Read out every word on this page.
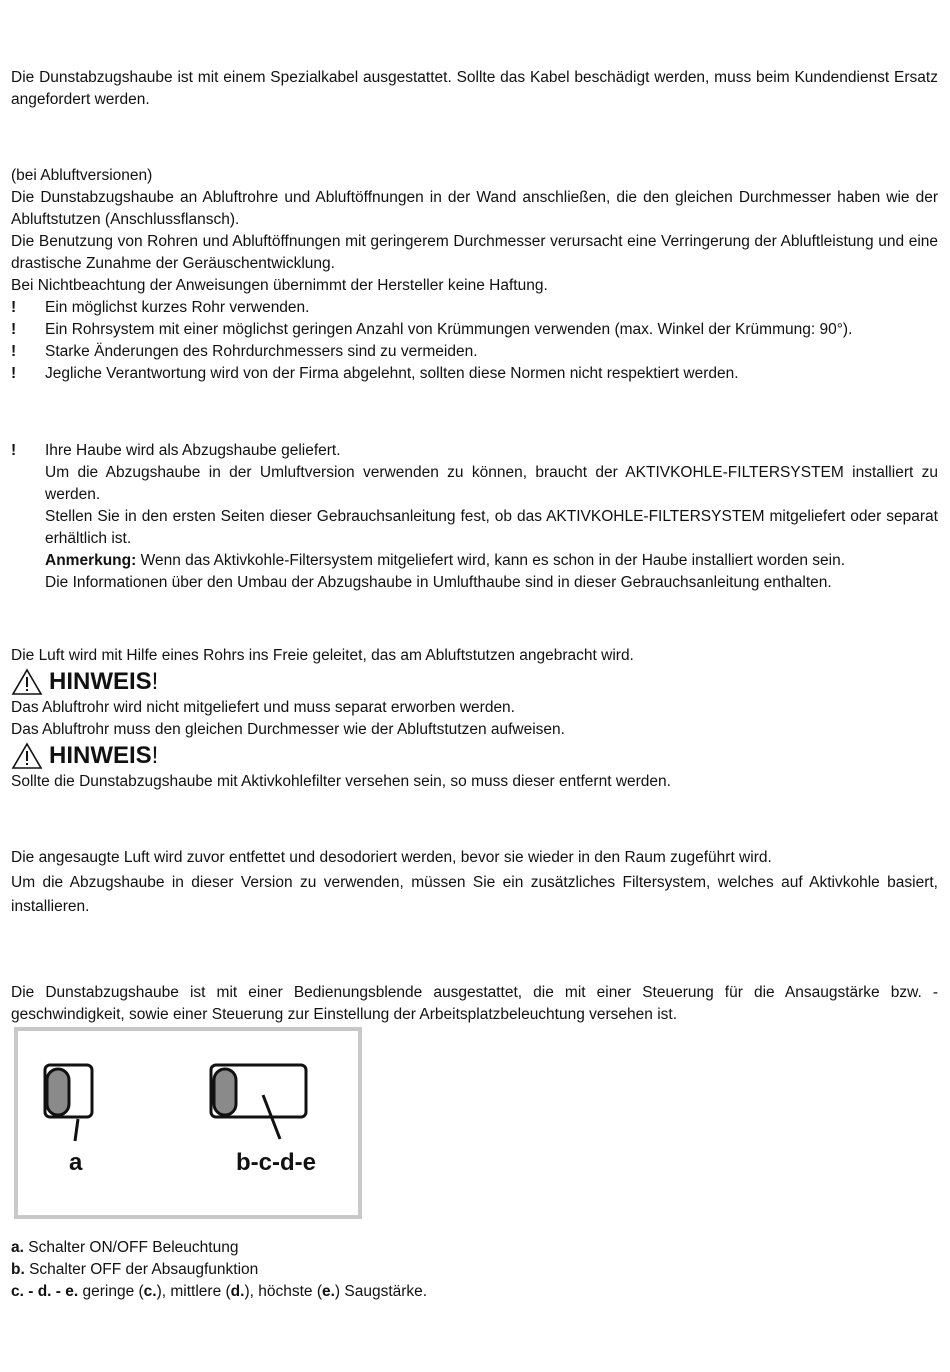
Die Dunstabzugshaube ist mit einem Spezialkabel ausgestattet. Sollte das Kabel beschädigt werden, muss beim Kundendienst Ersatz angefordert werden.

(bei Abluftversionen)

Die Dunstabzugshaube an Abluftrohre und Abluftöffnungen in der Wand anschließen, die den gleichen Durchmesser haben wie der Abluftstutzen (Anschlussflansch).

Die Benutzung von Rohren und Abluftöffnungen mit geringerem Durchmesser verursacht eine Verringerung der Abluftleistung und eine drastische Zunahme der Geräuschentwicklung.

Bei Nichtbeachtung der Anweisungen übernimmt der Hersteller keine Haftung.

!	Ein möglichst kurzes Rohr verwenden.
!	Ein Rohrsystem mit einer möglichst geringen Anzahl von Krümmungen verwenden (max. Winkel der Krümmung: 90°).
!	Starke Änderungen des Rohrdurchmessers sind zu vermeiden.
!	Jegliche Verantwortung wird von der Firma abgelehnt, sollten diese Normen nicht respektiert werden.
!	Ihre Haube wird als Abzugshaube geliefert.

Um die Abzugshaube in der Umluftversion verwenden zu können, braucht der AKTIVKOHLE-FILTERSYSTEM installiert zu werden.

Stellen Sie in den ersten Seiten dieser Gebrauchsanleitung fest, ob das AKTIVKOHLE-FILTERSYSTEM mitgeliefert oder separat erhältlich ist.

Anmerkung: Wenn das Aktivkohle-Filtersystem mitgeliefert wird, kann es schon in der Haube installiert worden sein.

Die Informationen über den Umbau der Abzugshaube in Umlufthaube sind in dieser Gebrauchsanleitung enthalten.

Die Luft wird mit Hilfe eines Rohrs ins Freie geleitet, das am Abluftstutzen angebracht wird.

HINWEIS !

Das Abluftrohr wird nicht mitgeliefert und muss separat erworben werden.

Das Abluftrohr muss den gleichen Durchmesser wie der Abluftstutzen aufweisen.

HINWEIS !

Sollte die Dunstabzugshaube mit Aktivkohlefilter versehen sein, so muss dieser entfernt werden.

Die angesaugte Luft wird zuvor entfettet und desodoriert werden, bevor sie wieder in den Raum zugeführt wird.

Um die Abzugshaube in dieser Version zu verwenden, müssen Sie ein zusätzliches Filtersystem, welches auf Aktivkohle basiert, installieren.

Die Dunstabzugshaube ist mit einer Bedienungsblende ausgestattet, die mit einer Steuerung für die Ansaugstärke bzw. -geschwindigkeit, sowie einer Steuerung zur Einstellung der Arbeitsplatzbeleuchtung versehen ist.

a	b-c-d-e

a. Schalter ON/OFF Beleuchtung

b. Schalter OFF der Absaugfunktion

c. - d. - e. geringe (c.), mittlere (d.), höchste (e.) Saugstärke.
